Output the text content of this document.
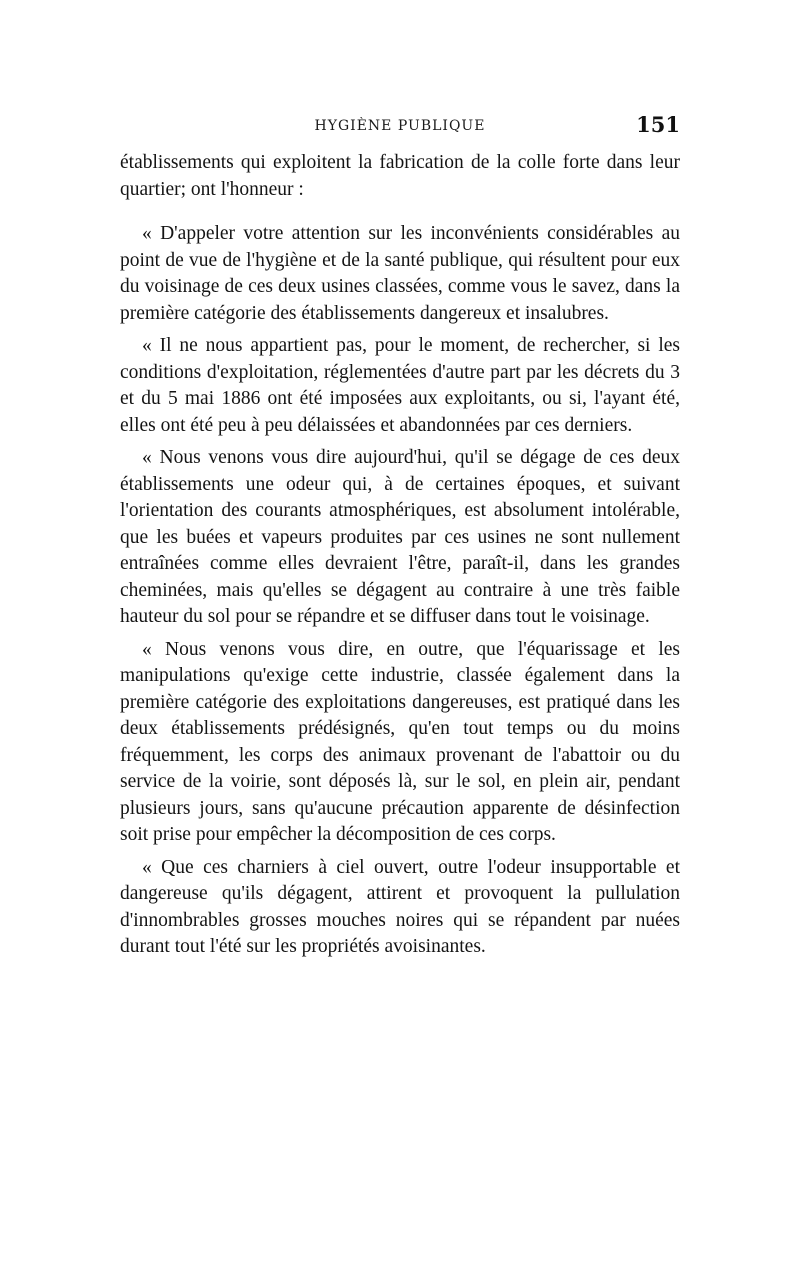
HYGIÈNE PUBLIQUE	151

établissements qui exploitent la fabrication de la colle forte dans leur quartier; ont l'honneur :

« D'appeler votre attention sur les inconvénients considérables au point de vue de l'hygiène et de la santé publique, qui résultent pour eux du voisinage de ces deux usines classées, comme vous le savez, dans la première catégorie des établissements dangereux et insalubres.

« Il ne nous appartient pas, pour le moment, de rechercher, si les conditions d'exploitation, réglementées d'autre part par les décrets du 3 et du 5 mai 1886 ont été imposées aux exploitants, ou si, l'ayant été, elles ont été peu à peu délaissées et abandonnées par ces derniers.

« Nous venons vous dire aujourd'hui, qu'il se dégage de ces deux établissements une odeur qui, à de certaines époques, et suivant l'orientation des courants atmosphériques, est absolument intolérable, que les buées et vapeurs produites par ces usines ne sont nullement entraînées comme elles devraient l'être, paraît-il, dans les grandes cheminées, mais qu'elles se dégagent au contraire à une très faible hauteur du sol pour se répandre et se diffuser dans tout le voisinage.

« Nous venons vous dire, en outre, que l'équarissage et les manipulations qu'exige cette industrie, classée également dans la première catégorie des exploitations dangereuses, est pratiqué dans les deux établissements prédésignés, qu'en tout temps ou du moins fréquemment, les corps des animaux provenant de l'abattoir ou du service de la voirie, sont déposés là, sur le sol, en plein air, pendant plusieurs jours, sans qu'aucune précaution apparente de désinfection soit prise pour empêcher la décomposition de ces corps.

« Que ces charniers à ciel ouvert, outre l'odeur insupportable et dangereuse qu'ils dégagent, attirent et provoquent la pullulation d'innombrables grosses mouches noires qui se répandent par nuées durant tout l'été sur les propriétés avoisinantes.
